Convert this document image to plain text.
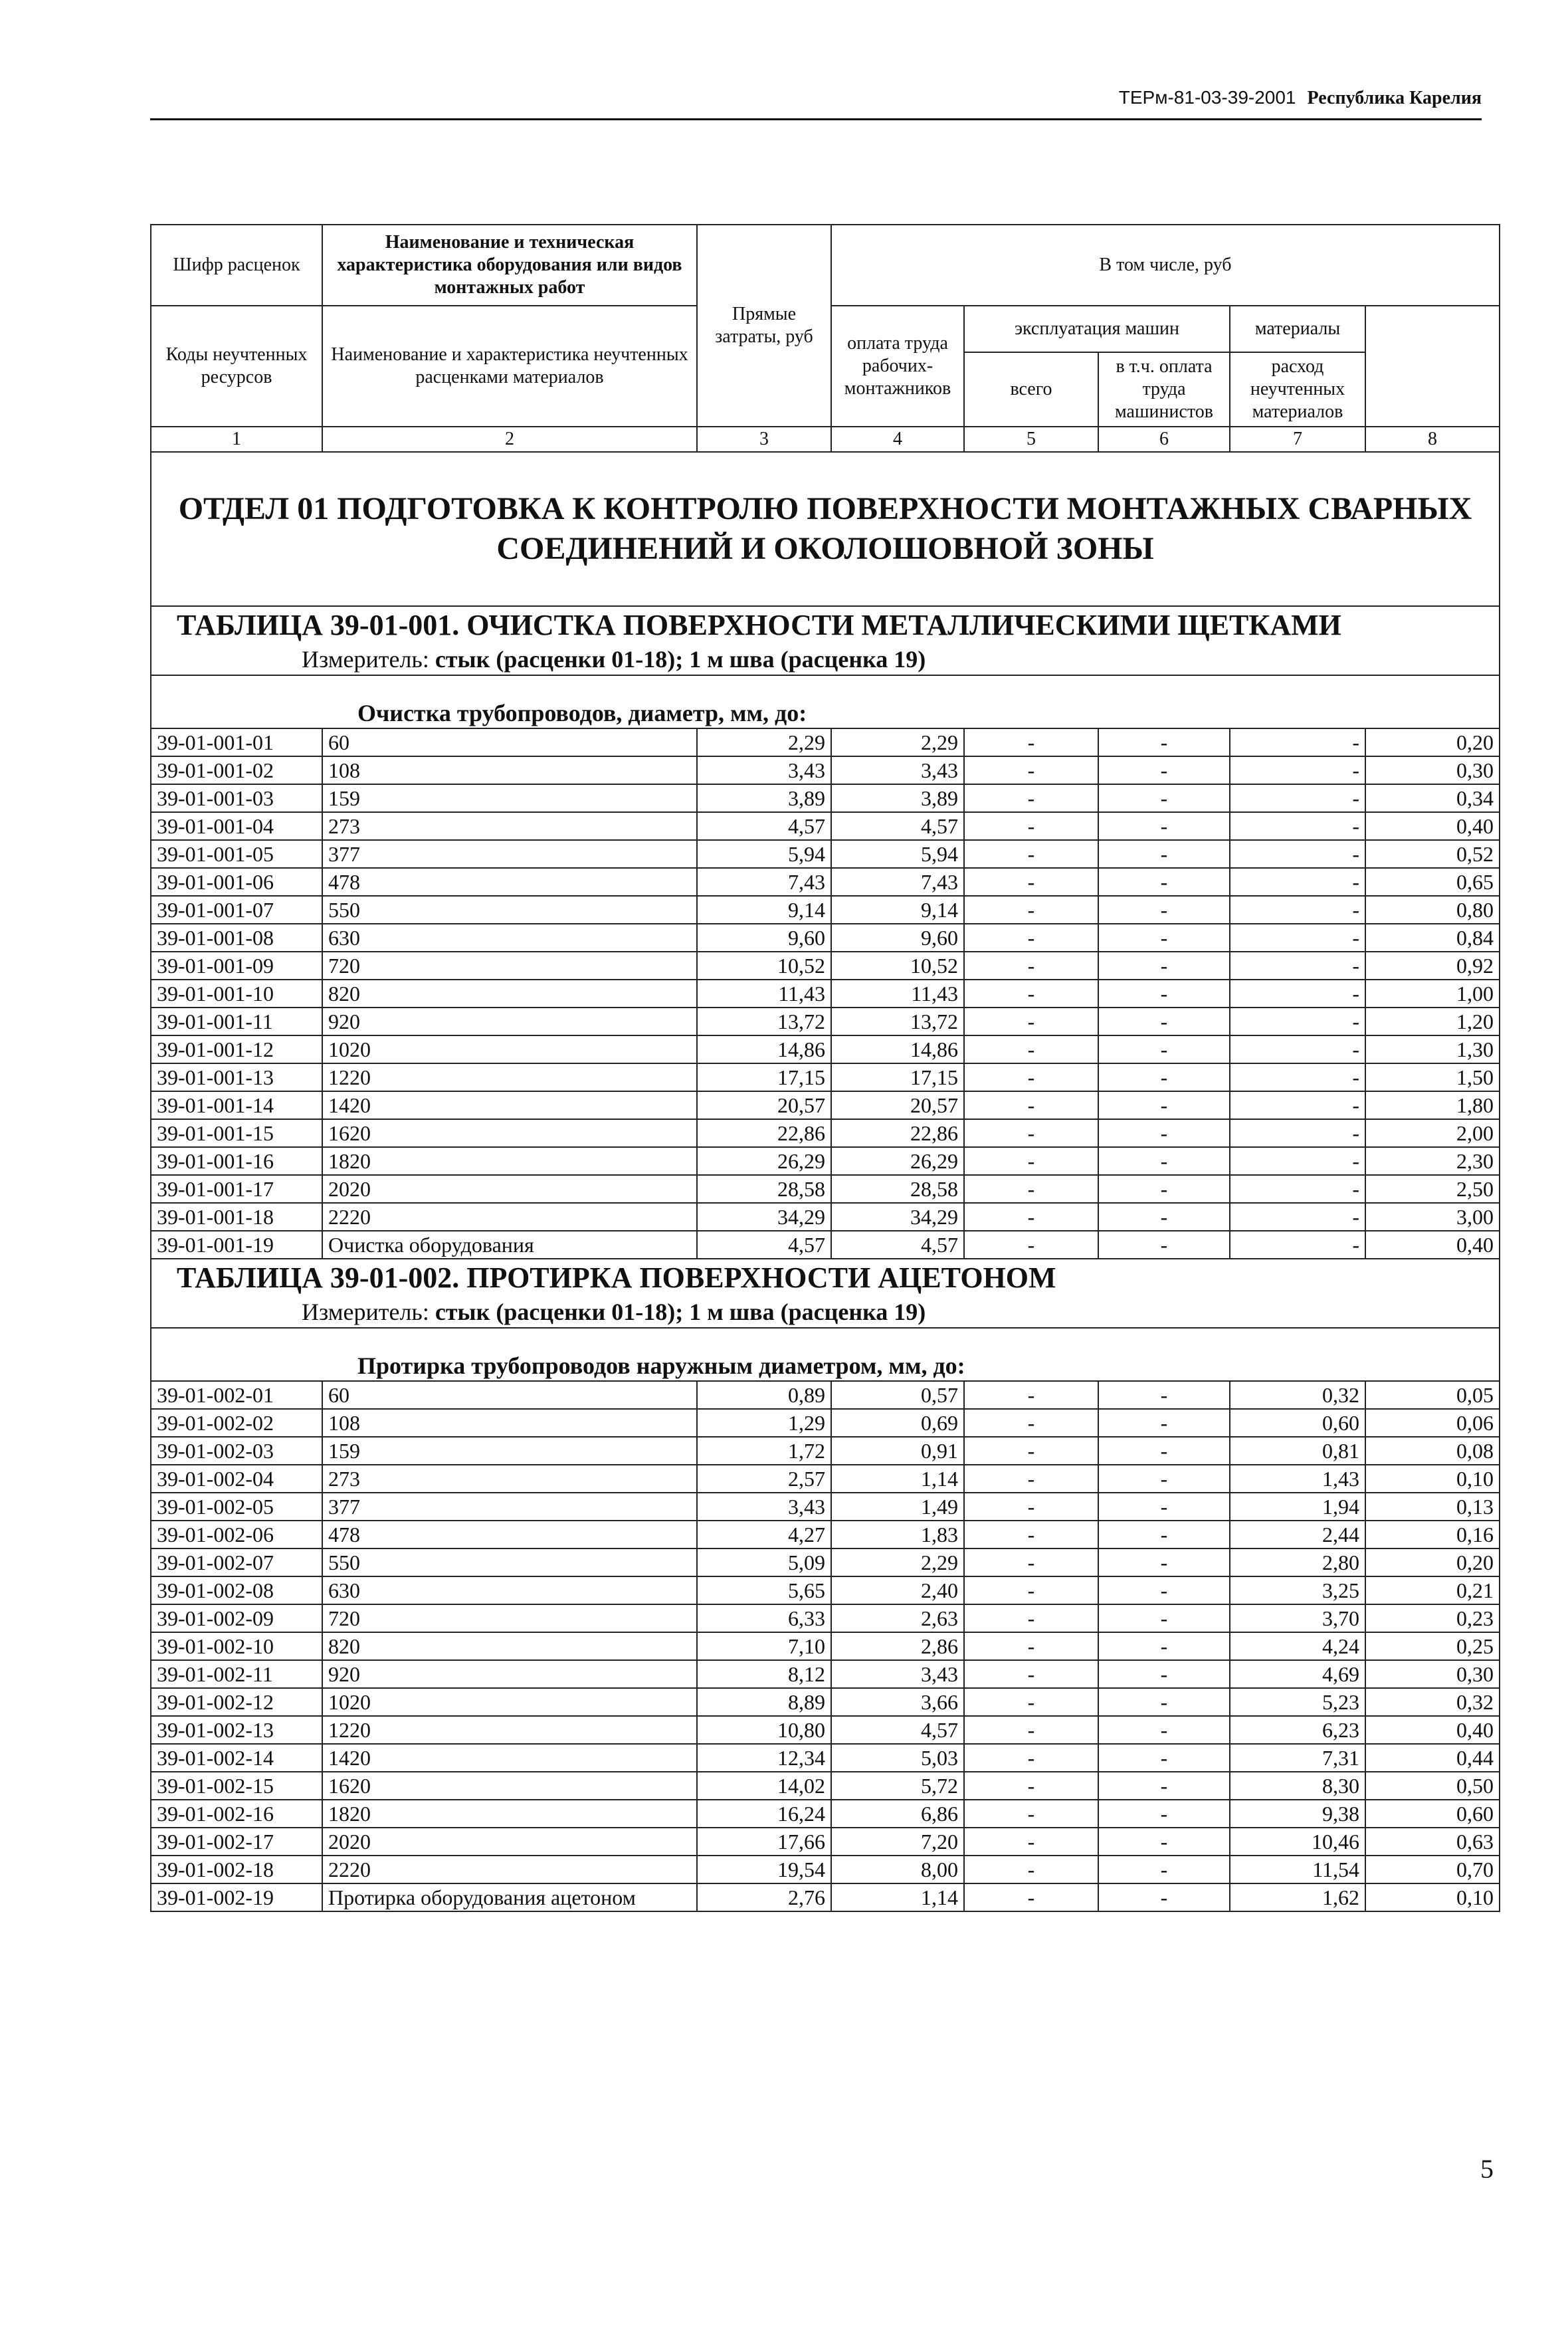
ТЕРм-81-03-39-2001 Республика Карелия
Шифр расценок	Наименование и техническая характеристика оборудования или видов монтажных работ	Прямые затраты, руб	В том числе, руб	
Коды неучтенных ресурсов	Наименование и характеристика неучтенных расценками материалов		оплата труда рабочих-монтажников	эксплуатация машин		материалы		
				всего	в т.ч. оплата труда машинистов	расход неучтенных материалов		
1	2	3	4	5	6	7	8	
ОТДЕЛ 01 ПОДГОТОВКА К КОНТРОЛЮ ПОВЕРХНОСТИ МОНТАЖНЫХ СВАРНЫХ СОЕДИНЕНИЙ И ОКОЛОШОВНОЙ ЗОНЫ								
ТАБЛИЦА 39-01-001. ОЧИСТКА ПОВЕРХНОСТИ МЕТАЛЛИЧЕСКИМИ ЩЕТКАМИ								
Измеритель: стык (расценки 01-18); 1 м шва (расценка 19)								
Очистка трубопроводов, диаметр, мм, до:								
39-01-001-01	60	2,29	2,29	-	-	-	0,20	
39-01-001-02	108	3,43	3,43	-	-	-	0,30	
39-01-001-03	159	3,89	3,89	-	-	-	0,34	
39-01-001-04	273	4,57	4,57	-	-	-	0,40	
39-01-001-05	377	5,94	5,94	-	-	-	0,52	
39-01-001-06	478	7,43	7,43	-	-	-	0,65	
39-01-001-07	550	9,14	9,14	-	-	-	0,80	
39-01-001-08	630	9,60	9,60	-	-	-	0,84	
39-01-001-09	720	10,52	10,52	-	-	-	0,92	
39-01-001-10	820	11,43	11,43	-	-	-	1,00	
39-01-001-11	920	13,72	13,72	-	-	-	1,20	
39-01-001-12	1020	14,86	14,86	-	-	-	1,30	
39-01-001-13	1220	17,15	17,15	-	-	-	1,50	
39-01-001-14	1420	20,57	20,57	-	-	-	1,80	
39-01-001-15	1620	22,86	22,86	-	-	-	2,00	
39-01-001-16	1820	26,29	26,29	-	-	-	2,30	
39-01-001-17	2020	28,58	28,58	-	-	-	2,50	
39-01-001-18	2220	34,29	34,29	-	-	-	3,00	
39-01-001-19	Очистка оборудования	4,57	4,57	-	-	-	0,40	
ТАБЛИЦА 39-01-002. ПРОТИРКА ПОВЕРХНОСТИ АЦЕТОНОМ								
Измеритель: стык (расценки 01-18); 1 м шва (расценка 19)								
Протирка трубопроводов наружным диаметром, мм, до:								
39-01-002-01	60	0,89	0,57	-	-	0,32	0,05	
39-01-002-02	108	1,29	0,69	-	-	0,60	0,06	
39-01-002-03	159	1,72	0,91	-	-	0,81	0,08	
39-01-002-04	273	2,57	1,14	-	-	1,43	0,10	
39-01-002-05	377	3,43	1,49	-	-	1,94	0,13	
39-01-002-06	478	4,27	1,83	-	-	2,44	0,16	
39-01-002-07	550	5,09	2,29	-	-	2,80	0,20	
39-01-002-08	630	5,65	2,40	-	-	3,25	0,21	
39-01-002-09	720	6,33	2,63	-	-	3,70	0,23	
39-01-002-10	820	7,10	2,86	-	-	4,24	0,25	
39-01-002-11	920	8,12	3,43	-	-	4,69	0,30	
39-01-002-12	1020	8,89	3,66	-	-	5,23	0,32	
39-01-002-13	1220	10,80	4,57	-	-	6,23	0,40	
39-01-002-14	1420	12,34	5,03	-	-	7,31	0,44	
39-01-002-15	1620	14,02	5,72	-	-	8,30	0,50	
39-01-002-16	1820	16,24	6,86	-	-	9,38	0,60	
39-01-002-17	2020	17,66	7,20	-	-	10,46	0,63	
39-01-002-18	2220	19,54	8,00	-	-	11,54	0,70	
39-01-002-19	Протирка оборудования ацетоном	2,76	1,14	-	-	1,62	0,10	
5
